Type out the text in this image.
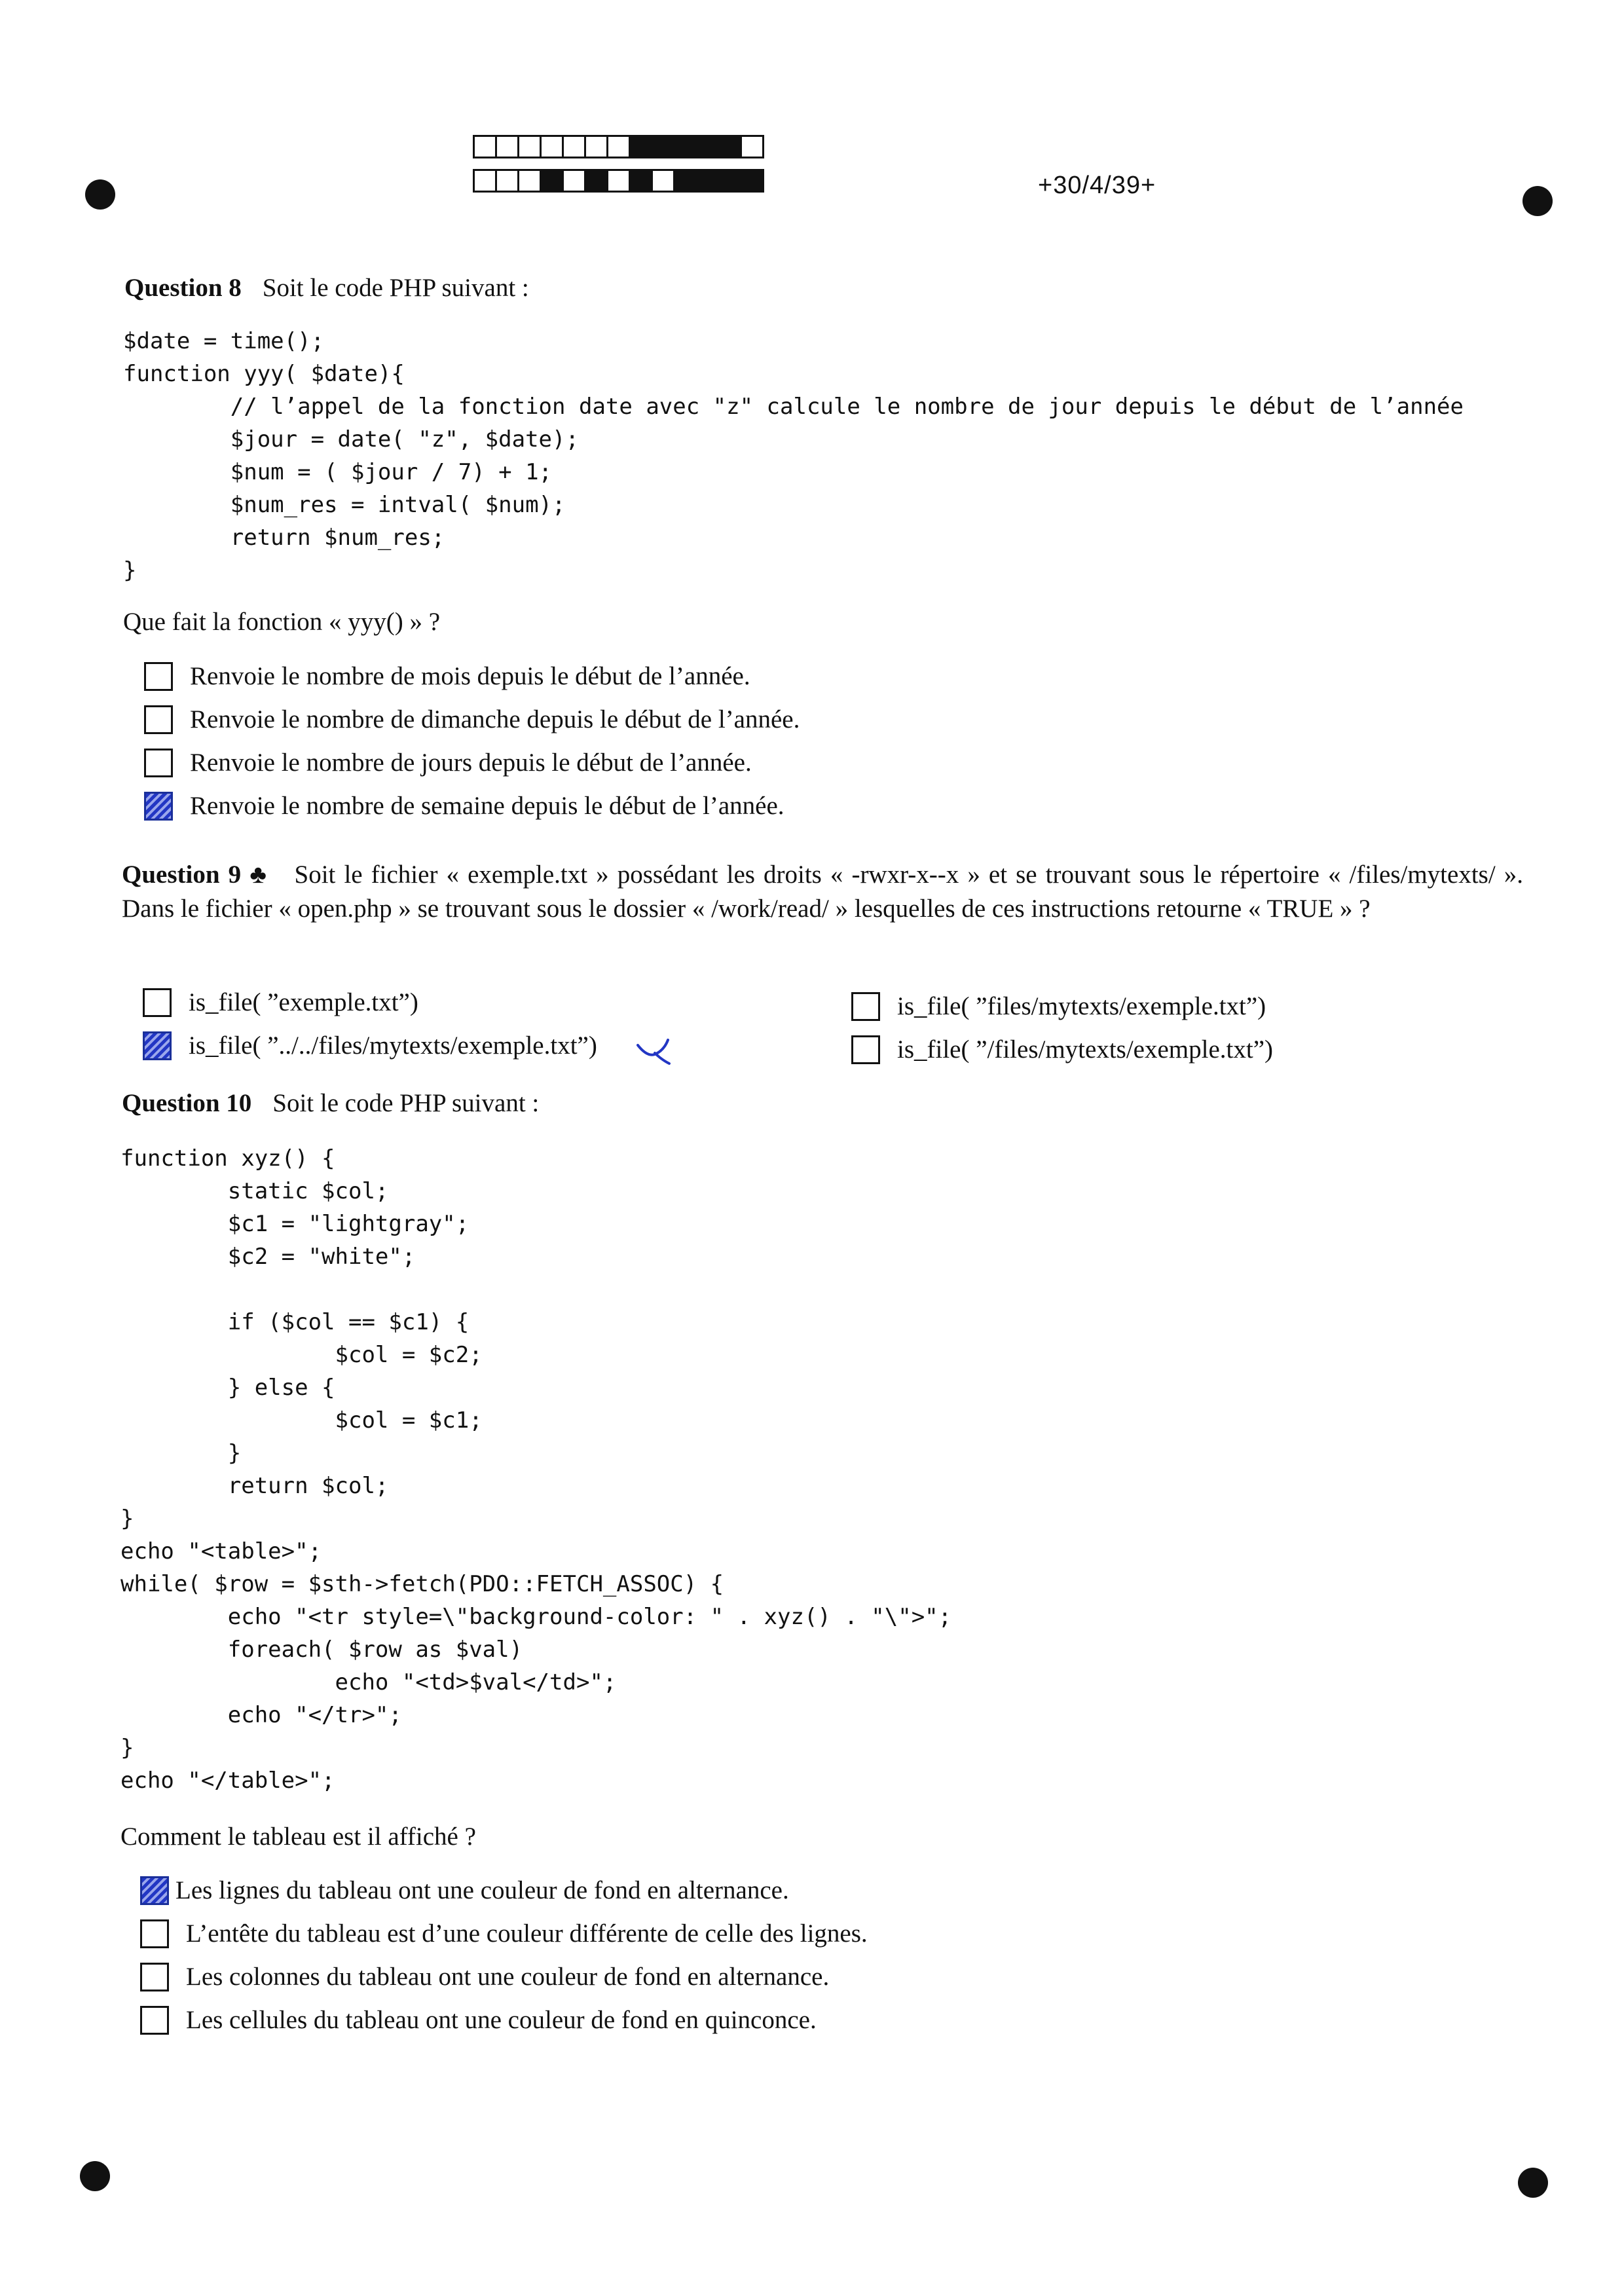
+30/4/39+
Question 8 Soit le code PHP suivant :
$date = time();
function yyy( $date){
// l’appel de la fonction date avec "z" calcule le nombre de jour depuis le début de l’année
$jour = date( "z", $date);
$num = ( $jour / 7) + 1;
$num_res = intval( $num);
return $num_res;
}
Que fait la fonction « yyy() » ?
Renvoie le nombre de mois depuis le début de l’année.
Renvoie le nombre de dimanche depuis le début de l’année.
Renvoie le nombre de jours depuis le début de l’année.
Renvoie le nombre de semaine depuis le début de l’année.
Question 9 ♣ Soit le fichier « exemple.txt » possédant les droits « -rwxr-x--x » et se trouvant sous le répertoire « /files/mytexts/ ». Dans le fichier « open.php » se trouvant sous le dossier « /work/read/ » lesquelles de ces instructions retourne « TRUE » ?
is_file( ”exemple.txt”)
is_file( ”../../files/mytexts/exemple.txt”)
is_file( ”files/mytexts/exemple.txt”)
is_file( ”/files/mytexts/exemple.txt”)
Question 10 Soit le code PHP suivant :
function xyz() {
static $col;
$c1 = "lightgray";
$c2 = "white";

if ($col == $c1) {
$col = $c2;
} else {
$col = $c1;
}
return $col;
}
echo "<table>";
while( $row = $sth->fetch(PDO::FETCH_ASSOC) {
echo "<tr style=\"background-color: " . xyz() . "\">";
foreach( $row as $val)
echo "<td>$val</td>";
echo "</tr>";
}
echo "</table>";
Comment le tableau est il affiché ?
Les lignes du tableau ont une couleur de fond en alternance.
L’entête du tableau est d’une couleur différente de celle des lignes.
Les colonnes du tableau ont une couleur de fond en alternance.
Les cellules du tableau ont une couleur de fond en quinconce.
